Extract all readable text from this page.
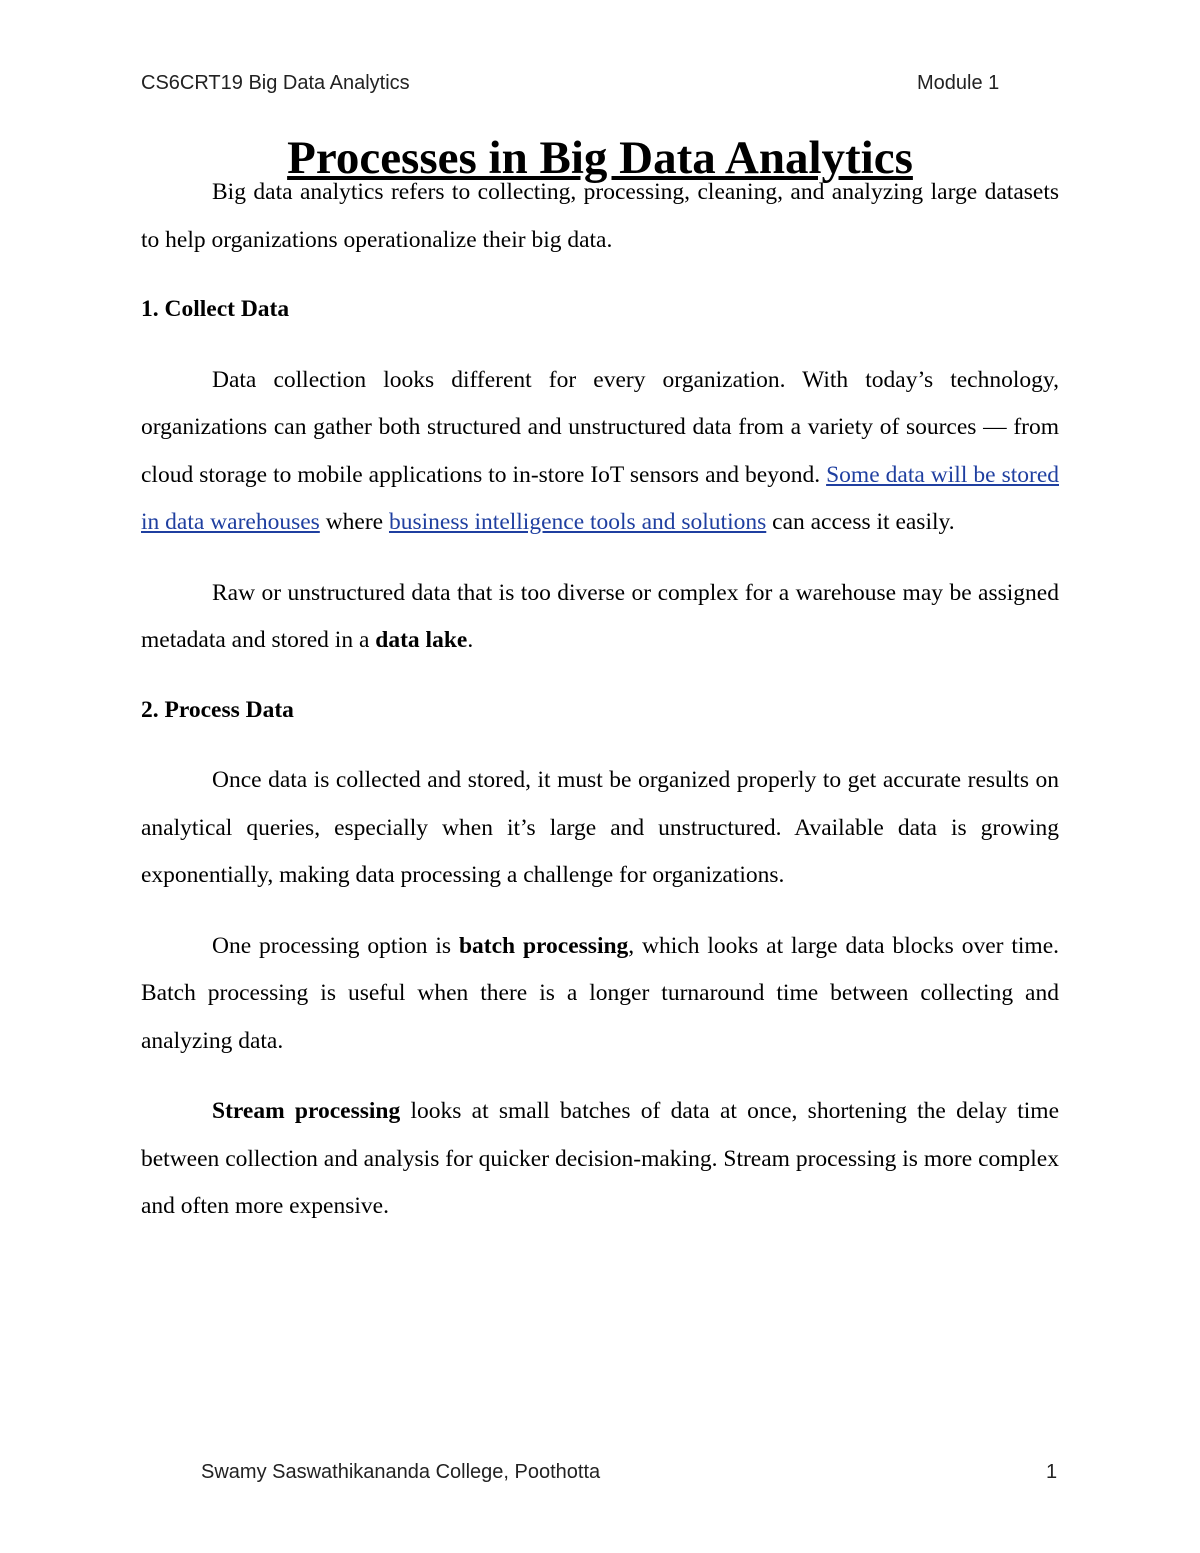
CS6CRT19 Big Data Analytics	Module 1
Processes in Big Data Analytics

Big data analytics refers to collecting, processing, cleaning, and analyzing large datasets to help organizations operationalize their big data.

1. Collect Data

Data collection looks different for every organization. With today’s technology, organizations can gather both structured and unstructured data from a variety of sources — from cloud storage to mobile applications to in-store IoT sensors and beyond. Some data will be stored in data warehouses where business intelligence tools and solutions can access it easily.

Raw or unstructured data that is too diverse or complex for a warehouse may be assigned metadata and stored in a data lake.

2. Process Data

Once data is collected and stored, it must be organized properly to get accurate results on analytical queries, especially when it’s large and unstructured. Available data is growing exponentially, making data processing a challenge for organizations.

One processing option is batch processing, which looks at large data blocks over time. Batch processing is useful when there is a longer turnaround time between collecting and analyzing data.

Stream processing looks at small batches of data at once, shortening the delay time between collection and analysis for quicker decision-making. Stream processing is more complex and often more expensive.

Swamy Saswathikananda College, Poothotta	1
